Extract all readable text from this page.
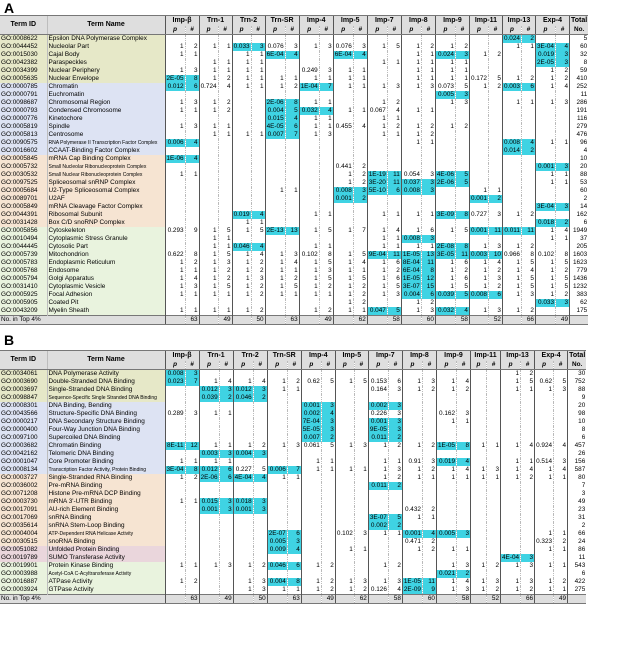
A
Term ID	Term Name	Imp-β		Trn-1		Trn-2		Trn-SR		Imp-4		Imp-5		Imp-7		Imp-8		Imp-9		Imp-11		Imp-13		Exp-4		Total
		p	#	p	#	p	#	p	#	p	#	p	#	p	#	p	#	p	#	p	#	p	#	p	#	No.
GO:0008622	Epsilon DNA Polymerase Complex																					0.024	2			5
GO:0044452	Nucleolar Part	1	2	1	1	0.033	3	0.076	3	1	3	0.076	3	1	5	1	2	1	2			1	1	3E-04	4	60
GO:0015030	Cajal Body	1	1			1	1	6E-04	4			6E-04	4			1	1	0.024	3	1	2			0.019	3	32
GO:0042382	Paraspeckles			1	1	1	1							1	1	1	1	1	1					2E-05	3	8
GO:0034399	Nuclear Periphery	1	3	1	1	1	1			0.249	3	1	1			1	1	1	1					1	2	59
GO:0005635	Nuclear Envelope	2E-05	8	1	2	1	1	1	1	1	1	1	1			1	1	1	1	0.172	5	1	2	1	2	410
GO:0000785	Chromatin	0.012	6	0.724	4	1	1	1	2	1E-04	7	1	1	1	3	1	3	0.073	5	1	2	0.003	6	1	4	252
GO:0000791	Euchromatin																	0.005	3							11
GO:0098687	Chromosomal Region	1	3	1	2			2E-06	8	1	1			1	2			1	3			1	1	1	3	286
GO:0000793	Condensed Chromosome	1	1	1	2			0.004	5	0.032	4	1	1	0.067	4	1	1									191
GO:0000776	Kinetochore							0.015	4	1	1			1	1											116
GO:0005819	Spindle	1	3	1	1			4E-05	6	1	1	0.455	4	1	2	1	2	1	2							279
GO:0005813	Centrosome			1	1	1	1	0.007	7	1	3			1	1	1	2									476
GO:0090575	RNA Polymerase II Transcription Factor Complex	0.006	4													1	1					0.008	4	1	1	96
GO:0016602	CCAAT-Binding Factor Complex																					0.014	2			4
GO:0005845	mRNA Cap Binding Complex	1E-06	4																							10
GO:0005732	Small Nucleolar Ribonucleoprotein Complex											0.441	2											0.001	3	20
GO:0030532	Small Nuclear Ribonucleoprotein Complex	1	1									1	2	1E-19	11	0.054	3	4E-06	5					1	1	88
GO:0097525	Spliceosomal snRNP Complex											1	2	3E-20	11	0.037	3	2E-06	5					1	1	53
GO:0005684	U2-Type Spliceosomal Complex							1	1			0.008	3	5E-10	6	0.008	3			1	1					60
GO:0089701	U2AF											0.001	2							0.001	2					2
GO:0005849	mRNA Cleavage Factor Complex																							3E-04	3	14
GO:0044391	Ribosomal Subunit					0.019	4			1	1			1	1	1	1	3E-09	8	0.727	3	1	2			162
GO:0031428	Box C/D snoRNP Complex					1	1																	0.018	2	6
GO:0005856	Cytoskeleton	0.293	9	1	5	1	5	2E-13	13	1	5	1	7	1	4	1	6	1	5	0.001	11	0.011	11	1	4	1949
GO:0010494	Cytoplasmic Stress Granule			1	1									1	1	0.008	3							1	1	37
GO:0044445	Cytosolic Part			1	1	0.046	4			1	1			1	1	1	1	2E-08	8	1	3	1	2			205
GO:0005739	Mitochondrion	0.622	8	1	5	1	4	1	3	0.102	8	1	5	9E-04	11	1E-05	13	3E-05	11	0.003	10	0.966	8	0.102	8	1603
GO:0005783	Endoplasmic Reticulum	1	2	1	3	1	2	1	4	1	5	1	4	1	6	8E-04	11	1	6	1	4	1	5	1	5	1623
GO:0005768	Endosome	1	1	1	2	1	2	1	1	1	3	1	1	1	2	6E-04	8	1	2	1	2	1	4	1	2	779
GO:0005794	Golgi Apparatus	1	4	1	2	1	3	1	2	1	5	1	5	1	6	1E-05	12	1	6	1	3	1	5	1	5	1436
GO:0031410	Cytoplasmic Vesicle	1	3	1	5	1	2	1	5	1	2	1	2	1	5	3E-07	15	1	5	1	2	1	5	1	5	1232
GO:0005925	Focal Adhesion	1	1	1	1	1	2	1	1	1	1	1	2	1	3	0.004	6	0.039	5	0.008	6	1	3	1	2	383
GO:0005905	Coated Pit											1	2			1	2							0.033	3	62
GO:0043209	Myelin Sheath	1	1	1	1	1	2			1	2	1	1	0.047	5	1	3	0.032	4	1	3	1	2			175
No. in Top 4%			63		49		50		63		49		62		58		60		58		52		66		49	
B
Term ID	Term Name	Imp-β		Trn-1		Trn-2		Trn-SR		Imp-4		Imp-5		Imp-7		Imp-8		Imp-9		Imp-11		Imp-13		Exp-4		Total
		p	#	p	#	p	#	p	#	p	#	p	#	p	#	p	#	p	#	p	#	p	#	p	#	No.
GO:0034061	DNA Polymerase Activity	0.008	3																			1	2			30
GO:0003690	Double-Stranded DNA Binding	0.023	7	1	4	1	4	1	2	0.62	5	1	5	0.153	6	1	3	1	4			1	5	0.62	5	752
GO:0003697	Single-Stranded DNA Binding			0.012	3	0.012	3	1	1					0.164	3	1	2	1	2			1	1	1	3	88
GO:0098847	Sequence-Specific Single Stranded DNA Binding			0.039	2	0.046	2																			9
GO:0008301	DNA Binding, Bending									0.001	3			0.002	3											20
GO:0043566	Structure-Specific DNA Binding	0.289	3	1	1					0.002	4			0.226	3			0.162	3							98
GO:0000217	DNA Secondary Structure Binding									7E-04	3			0.001	3			1	1							10
GO:0000400	Four-Way Junction DNA Binding									5E-05	3			9E-05	3											8
GO:0097100	Supercoiled DNA Binding									0.007	2			0.011	2											6
GO:0003682	Chromatin Binding	8E-11	12	1	1	1	2	1	3	0.061	5	1	3	1	2	1	2	1E-05	8	1	1	1	4	0.924	4	457
GO:0042162	Telomeric DNA Binding			0.003	3	0.004	3																			26
GO:0001047	Core Promoter Binding	1	1	1	1					1	1			1	1	0.91	3	0.019	4			1	1	0.514	3	156
GO:0008134	Transcription Factor Activity, Protein Binding	3E-04	8	0.012	6	0.227	5	0.006	7	1	1	1	1	1	3	1	2	1	4	1	3	1	4	1	4	587
GO:0003727	Single-Stranded RNA Binding	1	2	2E-06	6	4E-04	4	1	1					1	2	1	1	1	1	1	1	1	2	1	1	80
GO:0036002	Pre-mRNA Binding													0.011	2											7
GO:0071208	Histone Pre-mRNA DCP Binding																									3
GO:0003730	mRNA 3'-UTR Binding	1	1	0.015	3	0.018	3																			49
GO:0017091	AU-rich Element Binding			0.001	3	0.001	3									0.432	2									23
GO:0017069	snRNA Binding													3E-07	5	1	1									31
GO:0035614	snRNA Stem-Loop Binding													0.002	2											2
GO:0004004	ATP-Dependent RNA Helicase Activity							2E-07	6			0.102	3	1	1	0.001	4	0.005	3					1	1	66
GO:0030515	snoRNA Binding							0.005	3							0.471	2							0.323	2	24
GO:0051082	Unfolded Protein Binding							0.009	4			1	1			1	2	1	1					1	1	86
GO:0019789	SUMO Transferase Activity																					4E-04	3			11
GO:0019901	Protein Kinase Binding	1	1	1	3	1	2	0.046	6	1	2			1	2			1	3	1	2	1	3	1	1	543
GO:0003988	Acetyl-CoA C-Acyltransferase Activity																	0.021	2							6
GO:0016887	ATPase Activity	1	2			1	3	0.004	8	1	2	1	3	1	3	1E-05	11	1	4	1	3	1	3	1	2	422
GO:0003924	GTPase Activity					1	3	1	1	1	2	1	2	0.126	4	2E-09	9	1	3	1	2	1	2	1	1	275
No. in Top 4%			63		49		50		63		49		62		58		60		58		52		66		49	
